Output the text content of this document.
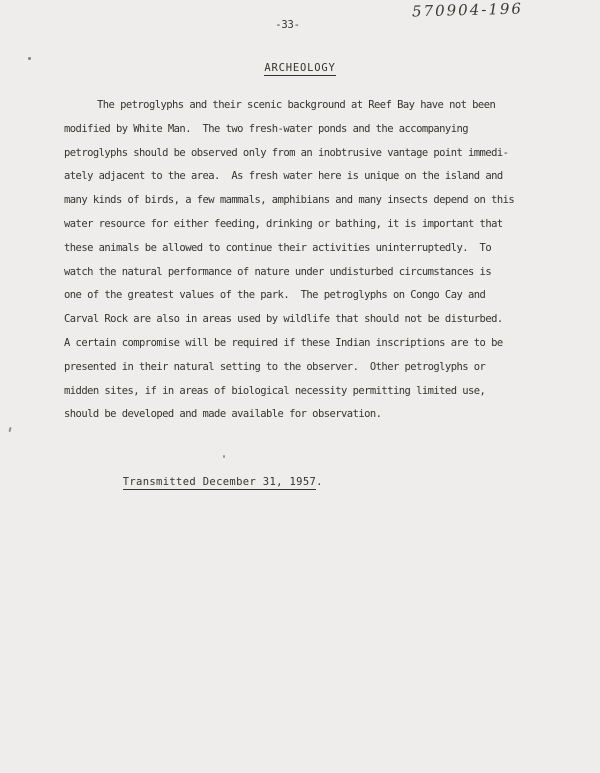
570904-196
-33-
ARCHEOLOGY
The petroglyphs and their scenic background at Reef Bay have not been
modified by White Man.  The two fresh-water ponds and the accompanying
petroglyphs should be observed only from an inobtrusive vantage point immedi-
ately adjacent to the area.  As fresh water here is unique on the island and
many kinds of birds, a few mammals, amphibians and many insects depend on this
water resource for either feeding, drinking or bathing, it is important that
these animals be allowed to continue their activities uninterruptedly.  To
watch the natural performance of nature under undisturbed circumstances is
one of the greatest values of the park.  The petroglyphs on Congo Cay and
Carval Rock are also in areas used by wildlife that should not be disturbed.
A certain compromise will be required if these Indian inscriptions are to be
presented in their natural setting to the observer.  Other petroglyphs or
midden sites, if in areas of biological necessity permitting limited use,
should be developed and made available for observation.

Transmitted December 31, 1957.
